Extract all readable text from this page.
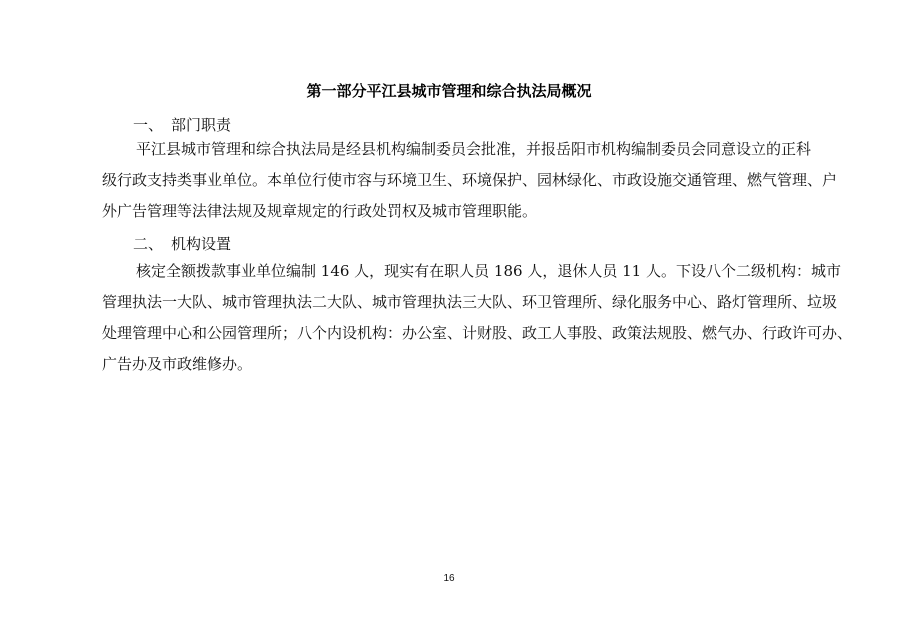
第一部分平江县城市管理和综合执法局概况
一、 部门职责
平江县城市管理和综合执法局是经县机构编制委员会批准，并报岳阳市机构编制委员会同意设立的正科
级行政支持类事业单位。本单位行使市容与环境卫生、环境保护、园林绿化、市政设施交通管理、燃气管理、户
外广告管理等法律法规及规章规定的行政处罚权及城市管理职能。
二、 机构设置
核定全额拨款事业单位编制 146 人，现实有在职人员 186 人，退休人员 11 人。下设八个二级机构：城市
管理执法一大队、城市管理执法二大队、城市管理执法三大队、环卫管理所、绿化服务中心、路灯管理所、垃圾
处理管理中心和公园管理所；八个内设机构：办公室、计财股、政工人事股、政策法规股、燃气办、行政许可办、
广告办及市政维修办。
16
